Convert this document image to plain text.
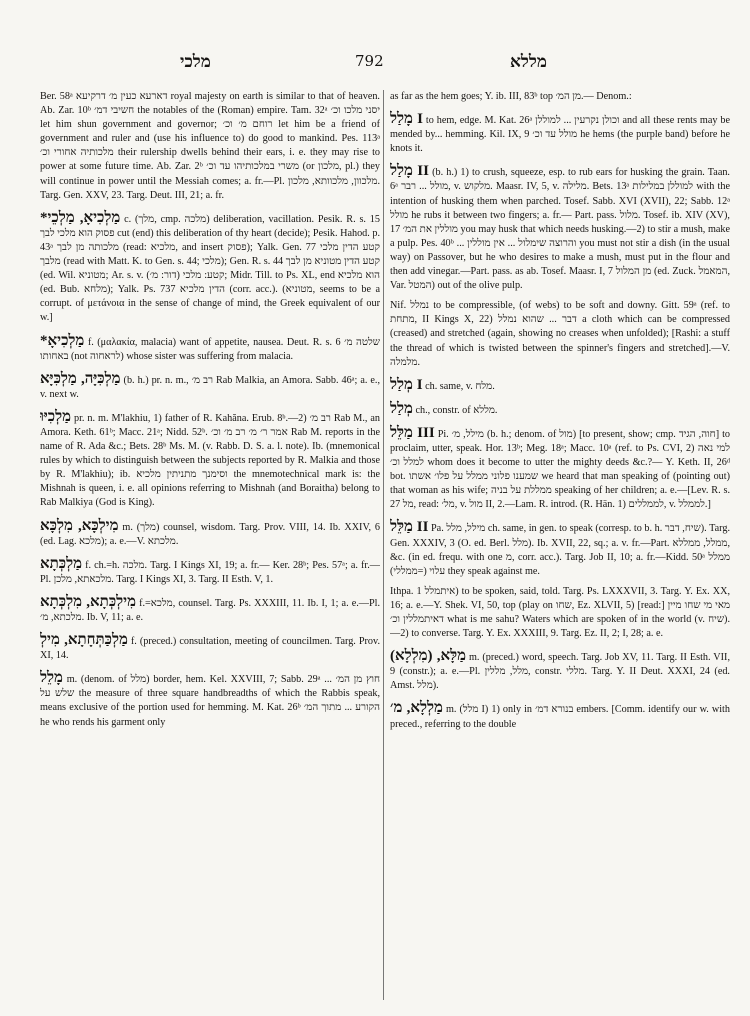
מלכי	792	מללא

Ber. 58ᵃ דארעא כעין מ׳ דרקיעא royal majesty on earth is similar to that of heaven. Ab. Zar. 10ᵇ חשיבי דמ׳ the notables of the (Roman) empire. Tam. 32ᵃ יסני מלכו וכ׳ let him shun government and governor; רוחם מ׳ וכ׳ let him be a friend of government and ruler and (use his influence to) do good to mankind. Pes. 113ᵃ מלכותיה אחורי וכ׳ their rulership dwells behind their ears, i. e. they may rise to power at some future time. Ab. Zar. 2ᵇ משרי במלכותיהו עד וכ׳ (or מלכון, pl.) they will continue in power until the Messiah comes; a. fr.—Pl. מלכוון, מלכוותא, מלכון. Targ. Gen. XXV, 23. Targ. Deut. III, 21; a. fr.

*מַלְכִיאָ, מַלְכֵי c. (מלך, cmp. מלכה) deliberation, vacillation. Pesik. R. s. 15 פסוק הוא מלכי לבך cut (end) this deliberation of thy heart (decide); Pesik. Hahod. p. 43ᵃ מלכותה מן לבך (read: מלכיא, and insert פסוק); Yalk. Gen. 77 קטע הדין מלכי מלבך (read with Matt. K. to Gen. s. 44; מלכי); Gen. R. s. 44 קטע הדין מטוניא מן לבך (ed. Wil. מטוניא; Ar. s. v. קטע: מלכי (דור: מ׳); Midr. Till. to Ps. XL, end הוא מלכיא (ed. Bub. מלחא); Yalk. Ps. 737 הדין מלכיא (corr. acc.). (מטוניא, seems to be a corrupt. of μετάνοια in the sense of change of mind, the Greek equivalent of our w.]

*מַלְכִיאָ f. (μαλακία, malacia) want of appetite, nausea. Deut. R. s. 6 שלטה מ׳ באחותו (not לראחוה) whose sister was suffering from malacia.

מַלְכִּיָּה, מַלְכִּיָּא (b. h.) pr. n. m., רב מ׳ Rab Malkia, an Amora. Sabb. 46ᵃ; a. e., v. next w.

מַלְכִיּוּ pr. n. m. M'lakhiu, 1) father of R. Kahăna. Erub. 8ᵇ.—2) רב מ׳ Rab M., an Amora. Keth. 61ᵇ; Macc. 21ᵃ; Nidd. 52ᵇ. אמר ר׳ מ׳ רב מ׳ וכ׳ Rab M. reports in the name of R. Ada &c.; Bets. 28ᵇ Ms. M. (v. Rabb. D. S. a. l. note). Ib. (mnemonical rules by which to distinguish between the subjects reported by R. Malkia and those by R. M'lakhiu); ib. וסימנך מתניתין מלכיא the mnemotechnical mark is: the Mishnah is queen, i. e. all opinions referring to Mishnah (and Boraitha) belong to Rab Malkiya (God is King).

מִילְכָּא, מִלְכָּא m. (מלך) counsel, wisdom. Targ. Prov. VIII, 14. Ib. XXIV, 6 (ed. Lag. מלכא); a. e.—V. מלכתא.

מַלְכְּתָא f. ch.=h. מלכה. Targ. I Kings XI, 19; a. fr.— Ker. 28ᵇ; Pes. 57ᵃ; a. fr.—Pl. מלכאתא, מלכן. Targ. I Kings XI, 3. Targ. II Esth. V, 1.

מִילְכְּתָא, מִלְכְּתָא f.=מלכא, counsel. Targ. Ps. XXXIII, 11. Ib. I, 1; a. e.—Pl. מלכתא, מ׳. Ib. V, 11; a. e.

מַלְכַּתְּחָתָא, מִילְ f. (preced.) consultation, meeting of councilmen. Targ. Prov. XI, 14.

מָלֵל m. (denom. of מלל) border, hem. Kel. XXVIII, 7; Sabb. 29ᵃ חוץ מן המ׳ ... שלש על the measure of three square handbreadths of which the Rabbis speak, means exclusive of the portion used for hemming. M. Kat. 26ᵇ הקורע ... מתוך המ׳ he who rends his garment only

as far as the hem goes; Y. ib. III, 83ᵇ top מן המ׳.— Denom.:

מָלַל I to hem, edge. M. Kat. 26ᵃ וכולן נקרעין ... למוללן and all these rents may be mended by... hemming. Kil. IX, 9 מולל עד וכ׳ he hems (the purple band) before he knots it.

מָלַל II (b. h.) 1) to crush, squeeze, esp. to rub ears for husking the grain. Taan. 6ᵃ מולל ... רבר, v. מלקוש. Maasr. IV, 5, v. מלילה. Bets. 13ᵃ למוללן במלילות with the intention of husking them when parched. Tosef. Sabb. XVI (XVII), 22; Sabb. 12ᵃ מולל he rubs it between two fingers; a. fr.— Part. pass. מלול. Tosef. ib. XIV (XV), 17 מוללין את המ׳ you may husk that which needs husking.—2) to stir a mush, make a pulp. Pes. 40ᵇ ... והרוצה שימלול ... אין מוללין you must not stir a dish (in the usual way) on Passover, but he who desires to make a mush, must put in the flour and then add vinegar.—Part. pass. as ab. Tosef. Maasr. I, 7 מן המלול (ed. Zuck. המאמל, Var. המטל) out of the olive pulp.

Nif. נמלל to be compressible, (of webs) to be soft and downy. Gitt. 59ᵃ (ref. to מתחת, II Kings X, 22) דבר ... שהוא נמלל a cloth which can be compressed (creased) and stretched (again, showing no creases when unfolded); [Rashi: a stuff the thread of which is twisted between the spinner's fingers and stretched].—V. מלמלה.

מְלַל I ch. same, v. מלח.

מְלַל ch., constr. of מללא.

מַלֵּל III Pi. מילל, מ׳ (b. h.; denom. of מול) [to present, show; cmp. חוה, הגיד] to proclaim, utter, speak. Hor. 13ᵇ; Meg. 18ᵃ; Macc. 10ᵃ (ref. to Ps. CVI, 2) למי נאה למלל וכ׳ whom does it become to utter the mighty deeds &c.?— Y. Keth. II, 26ᵈ bot. שמענו פלוני ממלל על פלו׳ אשתו we heard that man speaking of (pointing out) that woman as his wife; ממללת על בניה speaking of her children; a. e.—[Lev. R. s. 27 מל, read: מל׳, v. מול II, 2.—Lam. R. introd. (R. Hän. 1) לממללים, v. לממלל.]

מַלֵּל II Pa. מילל, מלל ch. same, in gen. to speak (corresp. to b. h. שיח, דבר). Targ. Gen. XXXIV, 3 (O. ed. Berl. מלל). Ib. XVII, 22, sq.; a. v. fr.—Part. ממלל, ממללא, &c. (in ed. frequ. with one מ, corr. acc.). Targ. Job II, 10; a. fr.—Kidd. 50ᵃ ממלל עלוי (=ממללי) they speak against me.

Ithpa. איתמלל 1) to be spoken, said, told. Targ. Ps. LXXXVII, 3. Targ. Y. Ex. XX, 16; a. e.—Y. Shek. VI, 50, top (play on שחו, Ez. XLVII, 5) [read:] מאי מי שחו מיין דאיתמללין וכ׳ what is me sahu? Waters which are spoken of in the world (v. שיח).—2) to converse. Targ. Y. Ex. XXXIII, 9. Targ. Ez. II, 2; I, 28; a. e.

מַלָּא, (מִלְלָא) m. (preced.) word, speech. Targ. Job XV, 11. Targ. II Esth. VII, 9 (constr.); a. e.—Pl. מלל, מללין, constr. מללי. Targ. Y. II Deut. XXXI, 24 (ed. Amst. מלל).

מַלְלָא, מ׳ m. (מלל I) 1) only in בנורא דמ׳ embers. [Comm. identify our w. with preced., referring to the double
